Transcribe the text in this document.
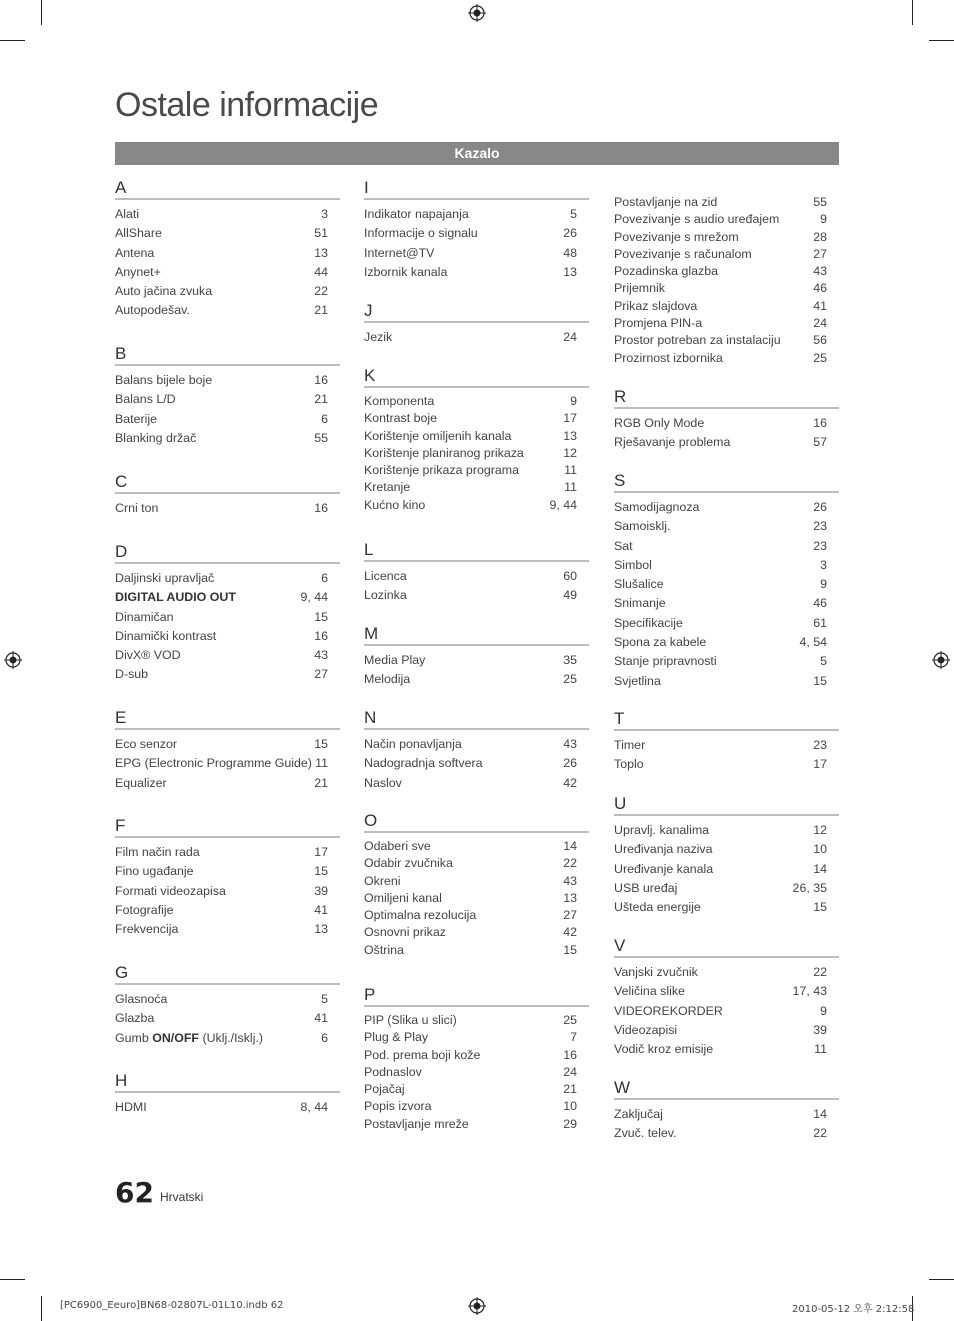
Ostale informacije
Kazalo
A
Alati	3
AllShare	51
Antena	13
Anynet+	44
Auto jačina zvuka	22
Autopodešav.	21
B
Balans bijele boje	16
Balans L/D	21
Baterije	6
Blanking držač	55
C
Crni ton	16
D
Daljinski upravljač	6
DIGITAL AUDIO OUT	9, 44
Dinamičan	15
Dinamički kontrast	16
DivX® VOD	43
D-sub	27
E
Eco senzor	15
EPG (Electronic Programme Guide) 11
Equalizer	21
F
Film način rada	17
Fino ugađanje	15
Formati videozapisa	39
Fotografije	41
Frekvencija	13
G
Glasnoća	5
Glazba	41
Gumb ON/OFF (Uklj./Isklj.)	6
H
HDMI	8, 44
I
Indikator napajanja	5
Informacije o signalu	26
Internet@TV	48
Izbornik kanala	13
J
Jezik	24
K
Komponenta	9
Kontrast boje	17
Korištenje omiljenih kanala	13
Korištenje planiranog prikaza	12
Korištenje prikaza programa	11
Kretanje	11
Kućno kino	9, 44
L
Licenca	60
Lozinka	49
M
Media Play	35
Melodija	25
N
Način ponavljanja	43
Nadogradnja softvera	26
Naslov	42
O
Odaberi sve	14
Odabir zvučnika	22
Okreni	43
Omiljeni kanal	13
Optimalna rezolucija	27
Osnovni prikaz	42
Oštrina	15
P
PIP (Slika u slici)	25
Plug & Play	7
Pod. prema boji kože	16
Podnaslov	24
Pojačaj	21
Popis izvora	10
Postavljanje mreže	29
Postavljanje na zid	55
Povezivanje s audio uređajem	9
Povezivanje s mrežom	28
Povezivanje s računalom	27
Pozadinska glazba	43
Prijemnik	46
Prikaz slajdova	41
Promjena PIN-a	24
Prostor potreban za instalaciju	56
Prozirnost izbornika	25
R
RGB Only Mode	16
Rješavanje problema	57
S
Samodijagnoza	26
Samoisklj.	23
Sat	23
Simbol	3
Slušalice	9
Snimanje	46
Specifikacije	61
Spona za kabele	4, 54
Stanje pripravnosti	5
Svjetlina	15
T
Timer	23
Toplo	17
U
Upravlj. kanalima	12
Uređivanja naziva	10
Uređivanje kanala	14
USB uređaj	26, 35
Ušteda energije	15
V
Vanjski zvučnik	22
Veličina slike	17, 43
VIDEOREKORDER	9
Videozapisi	39
Vodič kroz emisije	11
W
Zaključaj	14
Zvuč. telev.	22
62 Hrvatski
[PC6900_Eeuro]BN68-02807L-01L10.indb 62	2010-05-12 오후 2:12:58
